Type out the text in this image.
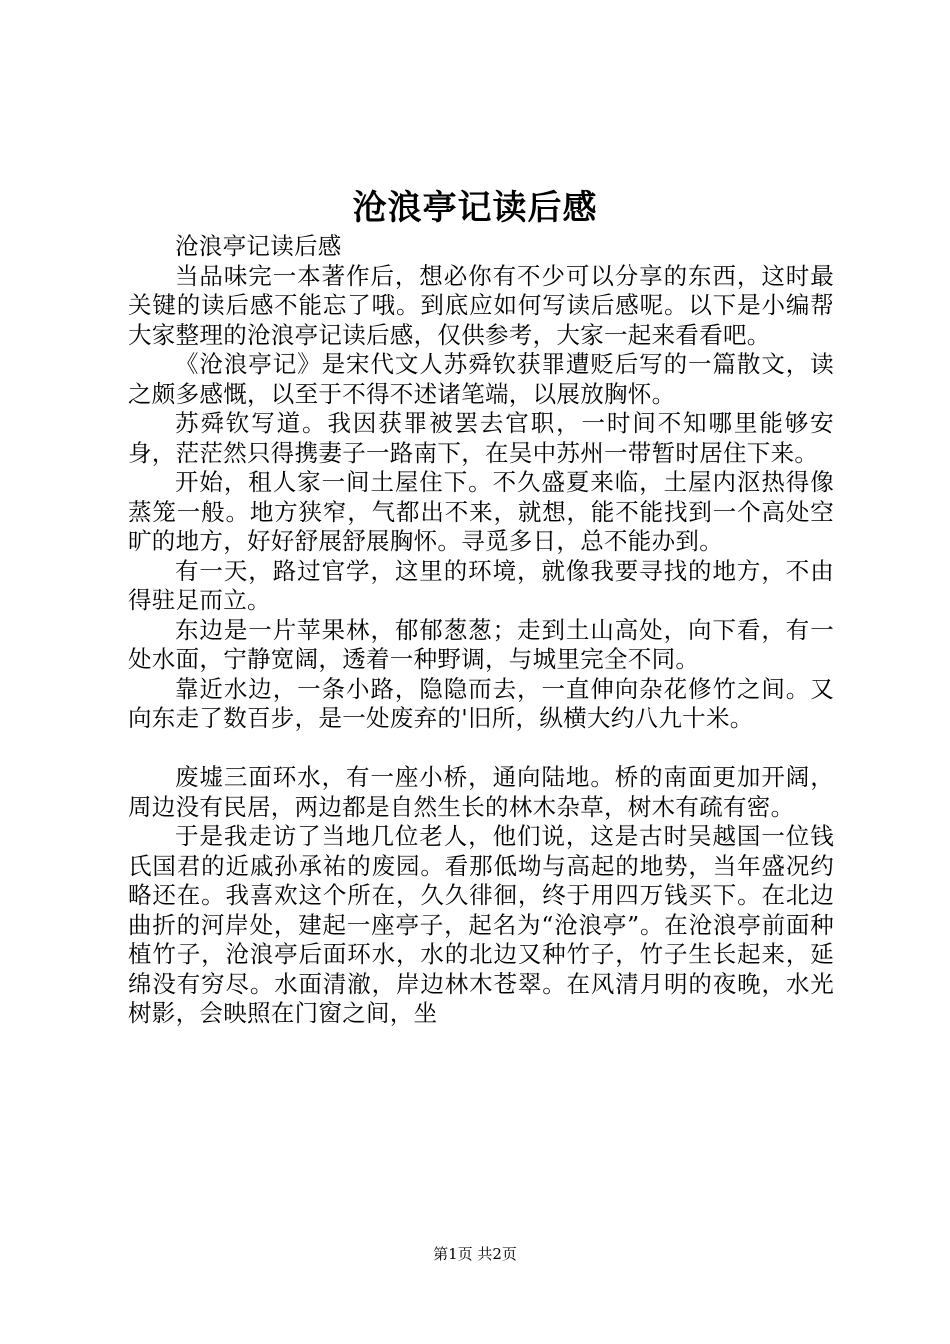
沧浪亭记读后感

沧浪亭记读后感

当品味完一本著作后，想必你有不少可以分享的东西，这时最关键的读后感不能忘了哦。到底应如何写读后感呢。以下是小编帮大家整理的沧浪亭记读后感，仅供参考，大家一起来看看吧。

《沧浪亭记》是宋代文人苏舜钦获罪遭贬后写的一篇散文，读之颇多感慨，以至于不得不述诸笔端，以展放胸怀。

苏舜钦写道。我因获罪被罢去官职，一时间不知哪里能够安身，茫茫然只得携妻子一路南下，在吴中苏州一带暂时居住下来。

开始，租人家一间土屋住下。不久盛夏来临，土屋内沤热得像蒸笼一般。地方狭窄，气都出不来，就想，能不能找到一个高处空旷的地方，好好舒展舒展胸怀。寻觅多日，总不能办到。

有一天，路过官学，这里的环境，就像我要寻找的地方，不由得驻足而立。

东边是一片苹果林，郁郁葱葱；走到土山高处，向下看，有一处水面，宁静宽阔，透着一种野调，与城里完全不同。

靠近水边，一条小路，隐隐而去，一直伸向杂花修竹之间。又向东走了数百步，是一处废弃的'旧所，纵横大约八九十米。

废墟三面环水，有一座小桥，通向陆地。桥的南面更加开阔，周边没有民居，两边都是自然生长的林木杂草，树木有疏有密。

于是我走访了当地几位老人，他们说，这是古时吴越国一位钱氏国君的近戚孙承祐的废园。看那低坳与高起的地势，当年盛况约略还在。我喜欢这个所在，久久徘徊，终于用四万钱买下。在北边曲折的河岸处，建起一座亭子，起名为“沧浪亭”。在沧浪亭前面种植竹子，沧浪亭后面环水，水的北边又种竹子，竹子生长起来，延绵没有穷尽。水面清澈，岸边林木苍翠。在风清月明的夜晚，水光树影，会映照在门窗之间，坐

第1页 共2页
